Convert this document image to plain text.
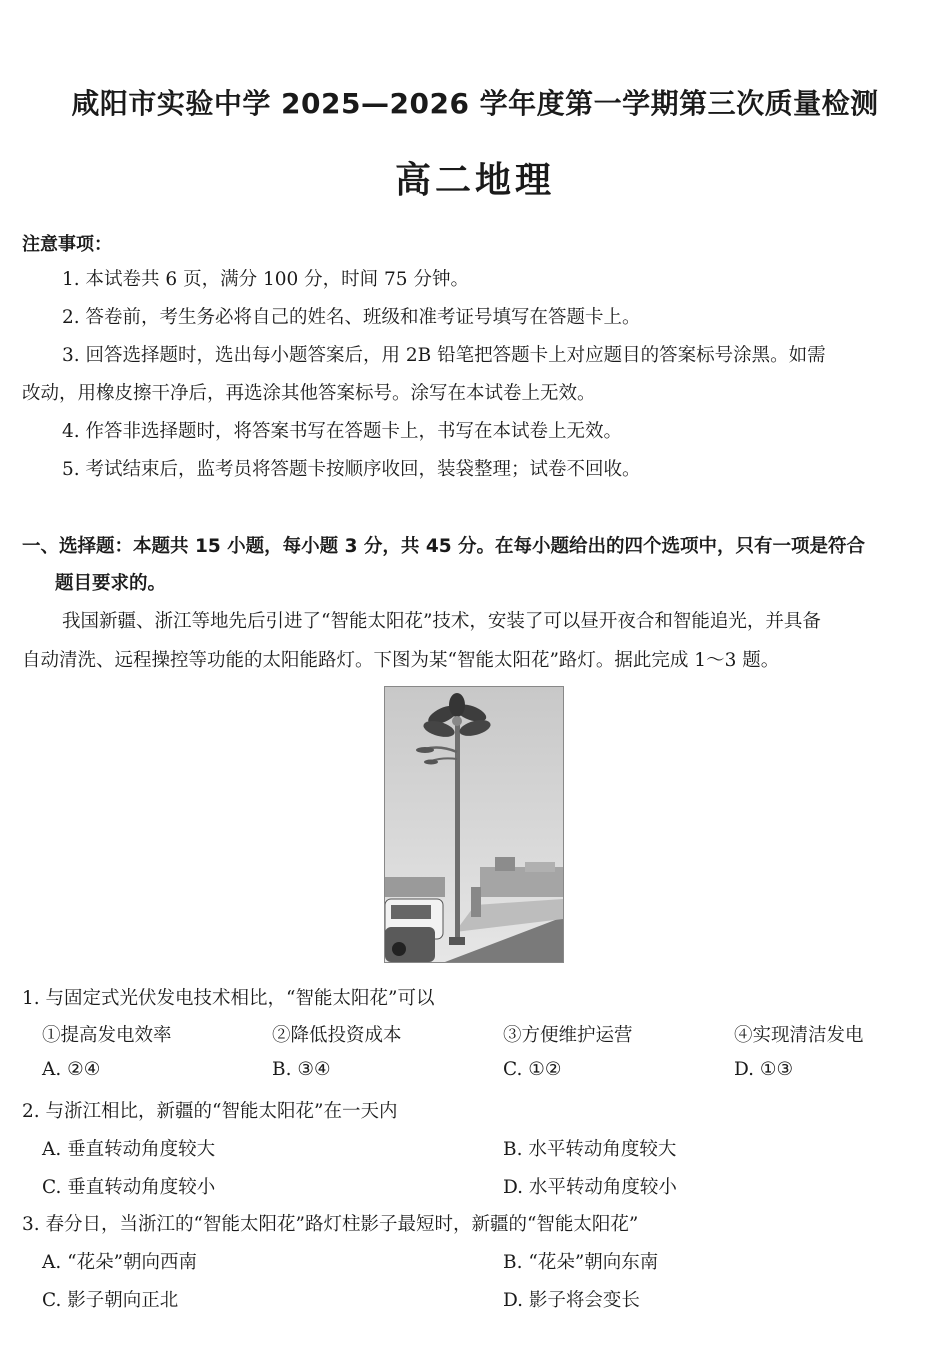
咸阳市实验中学 2025—2026 学年度第一学期第三次质量检测
高二地理
注意事项：
1. 本试卷共 6 页，满分 100 分，时间 75 分钟。
2. 答卷前，考生务必将自己的姓名、班级和准考证号填写在答题卡上。
3. 回答选择题时，选出每小题答案后，用 2B 铅笔把答题卡上对应题目的答案标号涂黑。如需
改动，用橡皮擦干净后，再选涂其他答案标号。涂写在本试卷上无效。
4. 作答非选择题时，将答案书写在答题卡上，书写在本试卷上无效。
5. 考试结束后，监考员将答题卡按顺序收回，装袋整理；试卷不回收。
一、选择题：本题共 15 小题，每小题 3 分，共 45 分。在每小题给出的四个选项中，只有一项是符合
题目要求的。
我国新疆、浙江等地先后引进了“智能太阳花”技术，安装了可以昼开夜合和智能追光，并具备
自动清洗、远程操控等功能的太阳能路灯。下图为某“智能太阳花”路灯。据此完成 1～3 题。
1. 与固定式光伏发电技术相比，“智能太阳花”可以
①提高发电效率	②降低投资成本	③方便维护运营	④实现清洁发电
A. ②④	B. ③④	C. ①②	D. ①③
2. 与浙江相比，新疆的“智能太阳花”在一天内
A. 垂直转动角度较大	B. 水平转动角度较大
C. 垂直转动角度较小	D. 水平转动角度较小
3. 春分日，当浙江的“智能太阳花”路灯柱影子最短时，新疆的“智能太阳花”
A. “花朵”朝向西南	B. “花朵”朝向东南
C. 影子朝向正北	D. 影子将会变长
